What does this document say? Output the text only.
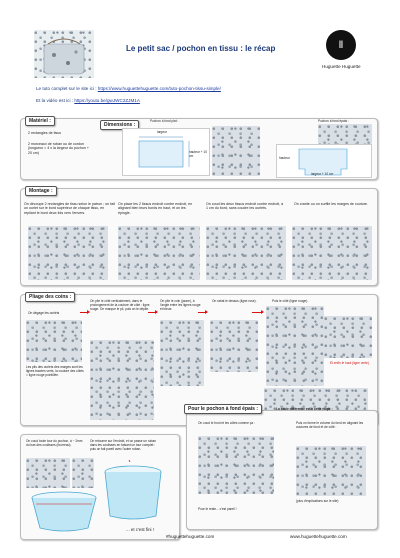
Le petit sac / pochon en tissu : le récap	Ⅱ
Huguette Huguette
Le tuto complet sur le site ici : https://www.huguettehuguette.com/tuto-pochon-tissu-simple/
Et la vidéo est ici : https://youtu.be/gwJWC2ZJM1A
Matériel :
2 rectangles de tissu
2 morceaux de ruban ou de cordon (longueur = 4 x la largeur du pochon + 20 cm)
Dimensions :
Pochon à fond plat :
largeur
hauteur + 10 cm
Pochon à fond épais :
hauteur
largeur + 10 cm
Montage :
On découpe 2 rectangles de tissu selon le patron ; on fait un ourlet sur le bord supérieur de chaque tissu, en repliant le bord deux fois vers l'envers.
On place les 2 tissus endroit contre endroit, en alignant bien leurs bords en haut, et on les épingle.
On coud les deux tissus endroit contre endroit, à 1 cm du bord, sans coudre les ourlets.
On crante ou on surfile les marges de couture.
Pliage des coins :
On dégage les ourlets
Les plis des ourlets des marges sont les lignes tracées verts, la couture des côtés = ligne rouge pointillée.
On plie le côté verticalement, dans le prolongement de la couture de côté : ligne rouge. On marque le pli, puis on le déplie.
On plie le coin (jaune), à l'angle entre les lignes rouge et bleue.
On rabat le dessus (ligne rose).	Puis le côté (ligne rouge).
Et enfin le haut (ligne verte).
On coud toute tour du pochon, à ~ 2mm du bas des coulisses (fourreau).
On retourne sur l'endroit, et on passe un ruban dans les coulisses en faisant un tour complet : puis on fait pareil avec l'autre ruban.
... et c'est fini !
Pour le pochon à fond épais :	La seule différence est à cette étape :
On coud le fond et les côtés comme ça :	Puis on forme le volume du fond en alignant les coutures de fond et de côté :
Pour le reste... c'est pareil !
(plus d'explications sur le site)
#huguettehuguette.com	www.huguettehuguette.com
